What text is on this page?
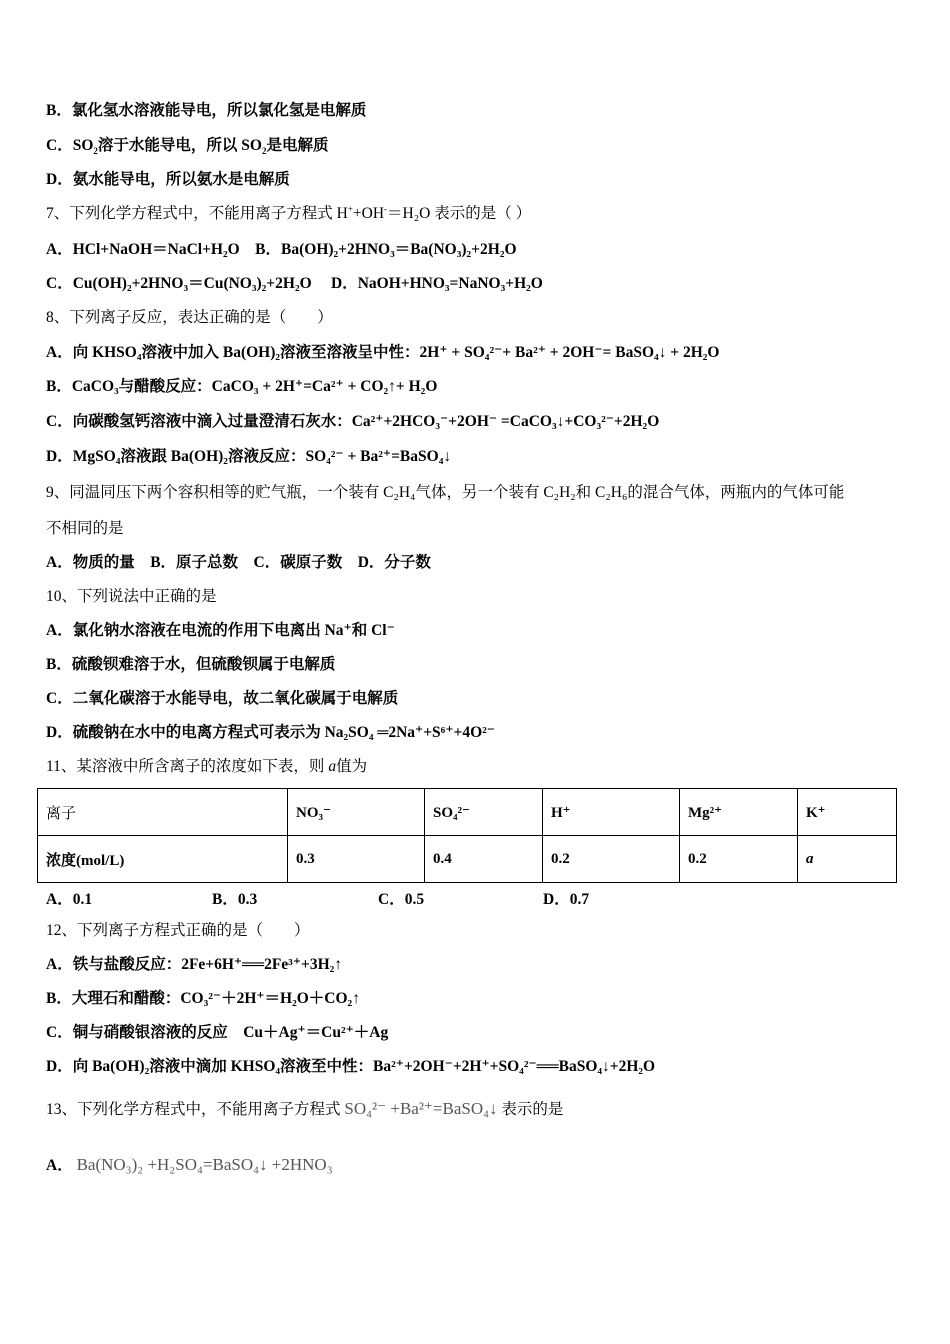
B．氯化氢水溶液能导电，所以氯化氢是电解质
C．$SO_2$溶于水能导电，所以 $SO_2$是电解质
D．氨水能导电，所以氨水是电解质
7、下列化学方程式中，不能用离子方程式 H++OH-＝H₂O 表示的是（ ）
A．HCl+NaOH＝NaCl+H₂O　B．Ba(OH)₂+2HNO₃＝Ba(NO₃)₂+2H₂O
C．Cu(OH)₂+2HNO₃＝Cu(NO₃)₂+2H₂O　 D．NaOH+HNO₃=NaNO₃+H₂O
8、下列离子反应，表达正确的是（　　）
A．向 KHSO₄溶液中加入 Ba(OH)₂溶液至溶液呈中性：2H⁺ + SO₄²⁻+ Ba²⁺ + 2OH⁻= BaSO₄↓ + 2H₂O
B．CaCO₃与醋酸反应：CaCO₃ + 2H⁺=Ca²⁺ + CO₂↑+ H₂O
C．向碳酸氢钙溶液中滴入过量澄清石灰水：Ca²⁺+2HCO₃⁻+2OH⁻ =CaCO₃↓+CO₃²⁻+2H₂O
D．MgSO₄溶液跟 Ba(OH)₂溶液反应：SO₄²⁻ + Ba²⁺=BaSO₄↓
9、同温同压下两个容积相等的贮气瓶，一个装有 C₂H₄气体，另一个装有 C₂H₂和 C₂H₆的混合气体，两瓶内的气体可能
不相同的是
A．物质的量　B．原子总数　C．碳原子数　D．分子数
10、下列说法中正确的是
A．氯化钠水溶液在电流的作用下电离出 Na⁺和 Cl⁻
B．硫酸钡难溶于水，但硫酸钡属于电解质
C．二氧化碳溶于水能导电，故二氧化碳属于电解质
D．硫酸钠在水中的电离方程式可表示为 Na₂SO₄ ═2Na⁺+S⁶⁺+4O²⁻
11、某溶液中所含离子的浓度如下表，则 a值为
离子	NO₃⁻	SO₄²⁻	H⁺	Mg²⁺	K⁺
浓度(mol/L)	0.3	0.4	0.2	0.2	a
A．0.1	B．0.3	C．0.5	D．0.7
12、下列离子方程式正确的是（　　）
A．铁与盐酸反应：2Fe+6H⁺══2Fe³⁺+3H₂↑
B．大理石和醋酸：CO₃²⁻＋2H⁺＝H₂O＋CO₂↑
C．铜与硝酸银溶液的反应　Cu＋Ag⁺＝Cu²⁺＋Ag
D．向 Ba(OH)₂溶液中滴加 KHSO₄溶液至中性：Ba²⁺+2OH⁻+2H⁺+SO₄²⁻══BaSO₄↓+2H₂O
13、下列化学方程式中，不能用离子方程式 SO₄²⁻ +Ba²⁺=BaSO₄↓ 表示的是
A． Ba(NO₃)₂ +H₂SO₄=BaSO₄↓ +2HNO₃
